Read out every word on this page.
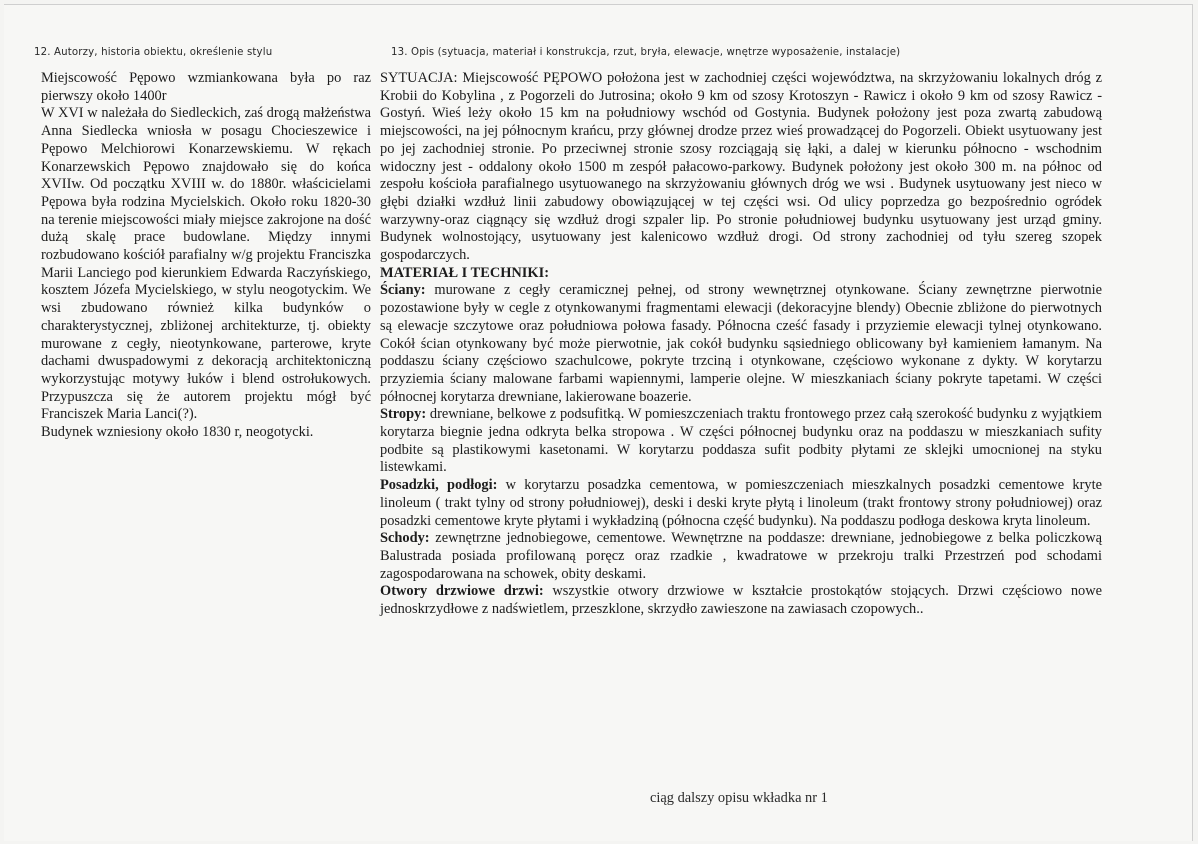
12. Autorzy, historia obiektu, określenie stylu	13. Opis (sytuacja, materiał i konstrukcja, rzut, bryła, elewacje, wnętrze wyposażenie, instalacje)

Miejscowość Pępowo wzmiankowana była po raz pierwszy około 1400r

W XVI w należała do Siedleckich, zaś drogą małżeństwa Anna Siedlecka wniosła w posagu Chocieszewice i Pępowo Melchiorowi Konarzewskiemu. W rękach Konarzewskich Pępowo znajdowało się do końca XVIIw. Od początku XVIII w. do 1880r. właścicielami Pępowa była rodzina Mycielskich. Około roku 1820-30 na terenie miejscowości miały miejsce zakrojone na dość dużą skalę prace budowlane. Między innymi rozbudowano kościół parafialny w/g projektu Franciszka Marii Lanciego pod kierunkiem Edwarda Raczyńskiego, kosztem Józefa Mycielskiego, w stylu neogotyckim. We wsi zbudowano również kilka budynków o charakterystycznej, zbliżonej architekturze, tj. obiekty murowane z cegły, nieotynkowane, parterowe, kryte dachami dwuspadowymi z dekoracją architektoniczną wykorzystując motywy łuków i blend ostrołukowych. Przypuszcza się że autorem projektu mógł być Franciszek Maria Lanci(?).

Budynek wzniesiony około 1830 r, neogotycki.

SYTUACJA: Miejscowość PĘPOWO położona jest w zachodniej części województwa, na skrzyżowaniu lokalnych dróg z Krobii do Kobylina , z Pogorzeli do Jutrosina; około 9 km od szosy Krotoszyn - Rawicz i około 9 km od szosy Rawicz - Gostyń. Wieś leży około 15 km na południowy wschód od Gostynia. Budynek położony jest poza zwartą zabudową miejscowości, na jej północnym krańcu, przy głównej drodze przez wieś prowadzącej do Pogorzeli. Obiekt usytuowany jest po jej zachodniej stronie. Po przeciwnej stronie szosy rozciągają się łąki, a dalej w kierunku północno - wschodnim widoczny jest - oddalony około 1500 m zespół pałacowo-parkowy. Budynek położony jest około 300 m. na północ od zespołu kościoła parafialnego usytuowanego na skrzyżowaniu głównych dróg we wsi . Budynek usytuowany jest nieco w głębi działki wzdłuż linii zabudowy obowiązującej w tej części wsi. Od ulicy poprzedza go bezpośrednio ogródek warzywny-oraz ciągnący się wzdłuż drogi szpaler lip. Po stronie południowej budynku usytuowany jest urząd gminy. Budynek wolnostojący, usytuowany jest kalenicowo wzdłuż drogi. Od strony zachodniej od tyłu szereg szopek gospodarczych.

MATERIAŁ I TECHNIKI:

Ściany: murowane z cegły ceramicznej pełnej, od strony wewnętrznej otynkowane. Ściany zewnętrzne pierwotnie pozostawione były w cegle z otynkowanymi fragmentami elewacji (dekoracyjne blendy) Obecnie zbliżone do pierwotnych są elewacje szczytowe oraz południowa połowa fasady. Północna cześć fasady i przyziemie elewacji tylnej otynkowano. Cokół ścian otynkowany być może pierwotnie, jak cokół budynku sąsiedniego oblicowany był kamieniem łamanym. Na poddaszu ściany częściowo szachulcowe, pokryte trzciną i otynkowane, częściowo wykonane z dykty. W korytarzu przyziemia ściany malowane farbami wapiennymi, lamperie olejne. W mieszkaniach ściany pokryte tapetami. W części północnej korytarza drewniane, lakierowane boazerie.

Stropy: drewniane, belkowe z podsufitką. W pomieszczeniach traktu frontowego przez całą szerokość budynku z wyjątkiem korytarza biegnie jedna odkryta belka stropowa . W części północnej budynku oraz na poddaszu w mieszkaniach sufity podbite są plastikowymi kasetonami. W korytarzu poddasza sufit podbity płytami ze sklejki umocnionej na styku listewkami.

Posadzki, podłogi: w korytarzu posadzka cementowa, w pomieszczeniach mieszkalnych posadzki cementowe kryte linoleum ( trakt tylny od strony południowej), deski i deski kryte płytą i linoleum (trakt frontowy strony południowej) oraz posadzki cementowe kryte płytami i wykładziną (północna część budynku). Na poddaszu podłoga deskowa kryta linoleum.

Schody: zewnętrzne jednobiegowe, cementowe. Wewnętrzne na poddasze: drewniane, jednobiegowe z belka policzkową Balustrada posiada profilowaną poręcz oraz rzadkie , kwadratowe w przekroju tralki Przestrzeń pod schodami zagospodarowana na schowek, obity deskami.

Otwory drzwiowe drzwi: wszystkie otwory drzwiowe w kształcie prostokątów stojących. Drzwi częściowo nowe jednoskrzydłowe z nadświetlem, przeszklone, skrzydło zawieszone na zawiasach czopowych..

ciąg dalszy opisu wkładka nr 1
